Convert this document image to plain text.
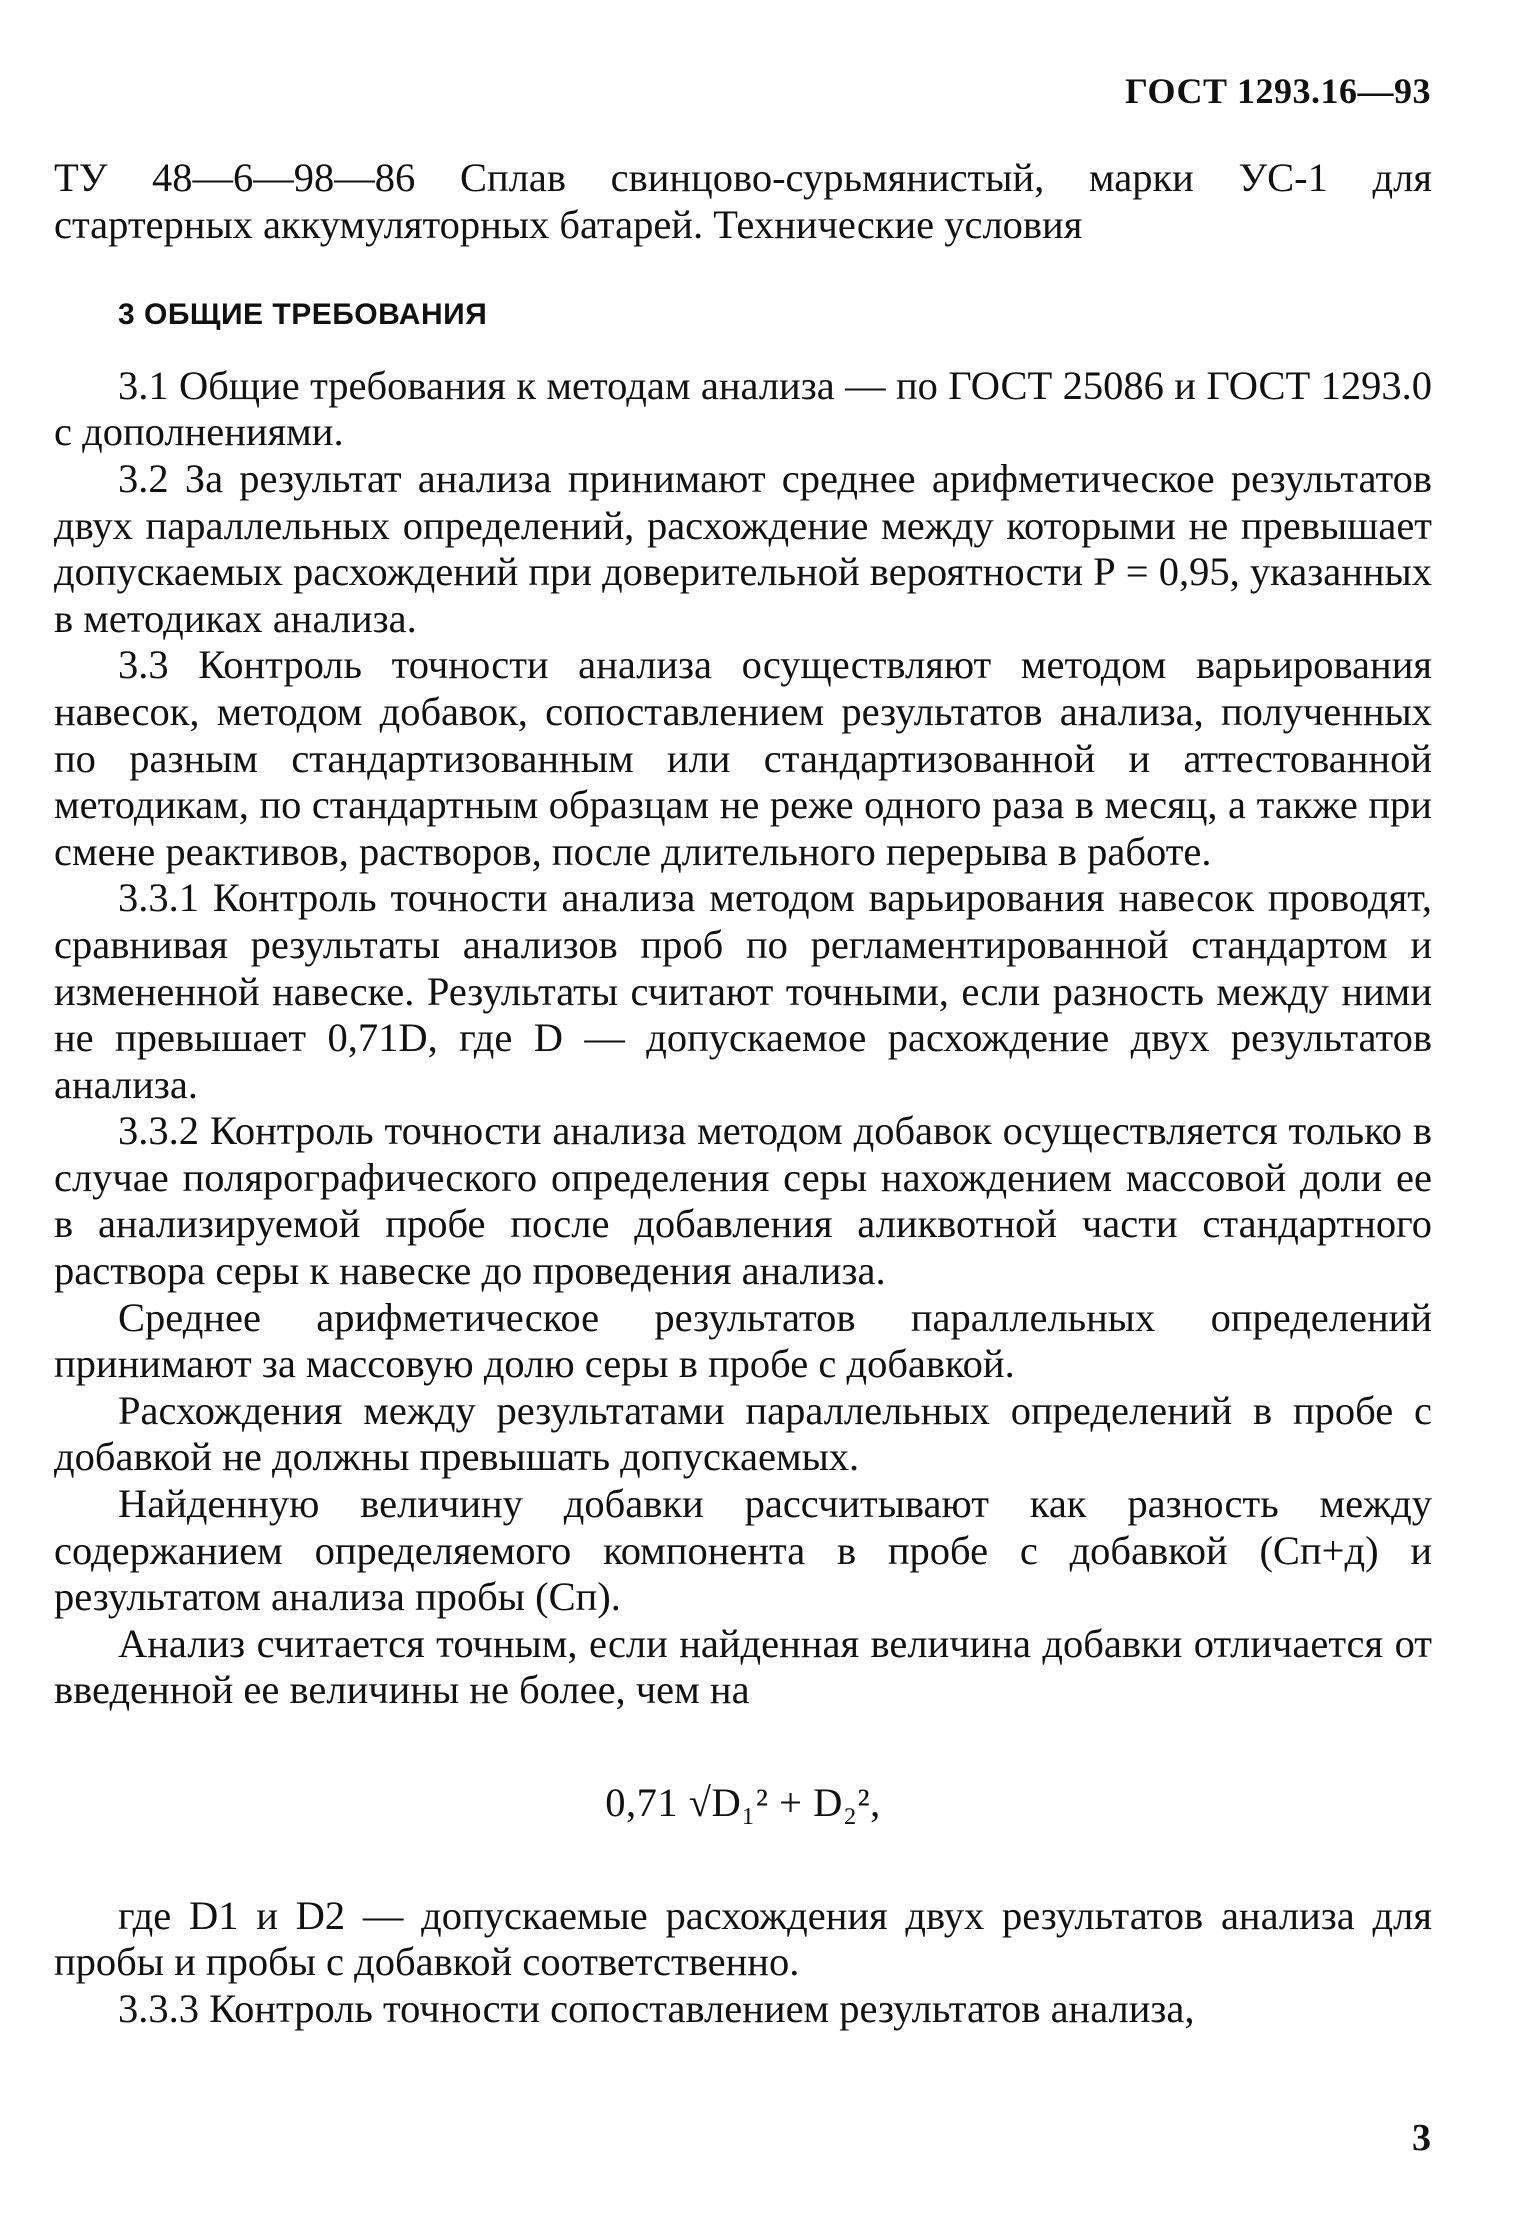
ГОСТ 1293.16—93

ТУ 48—6—98—86 Сплав свинцово-сурьмянистый, марки УС-1 для стартерных аккумуляторных батарей. Технические условия

3 ОБЩИЕ ТРЕБОВАНИЯ

3.1 Общие требования к методам анализа — по ГОСТ 25086 и ГОСТ 1293.0 с дополнениями.

3.2 За результат анализа принимают среднее арифметическое результатов двух параллельных определений, расхождение между которыми не превышает допускаемых расхождений при доверительной вероятности Р = 0,95, указанных в методиках анализа.

3.3 Контроль точности анализа осуществляют методом варьирования навесок, методом добавок, сопоставлением результатов анализа, полученных по разным стандартизованным или стандартизованной и аттестованной методикам, по стандартным образцам не реже одного раза в месяц, а также при смене реактивов, растворов, после длительного перерыва в работе.

3.3.1 Контроль точности анализа методом варьирования навесок проводят, сравнивая результаты анализов проб по регламентированной стандартом и измененной навеске. Результаты считают точными, если разность между ними не превышает 0,71D, где D — допускаемое расхождение двух результатов анализа.

3.3.2 Контроль точности анализа методом добавок осуществляется только в случае полярографического определения серы нахождением массовой доли ее в анализируемой пробе после добавления аликвотной части стандартного раствора серы к навеске до проведения анализа.

Среднее арифметическое результатов параллельных определений принимают за массовую долю серы в пробе с добавкой.

Расхождения между результатами параллельных определений в пробе с добавкой не должны превышать допускаемых.

Найденную величину добавки рассчитывают как разность между содержанием определяемого компонента в пробе с добавкой (Cп+д) и результатом анализа пробы (Cп).

Анализ считается точным, если найденная величина добавки отличается от введенной ее величины не более, чем на

0,71 √D₁² + D₂²,

где D1 и D2 — допускаемые расхождения двух результатов анализа для пробы и пробы с добавкой соответственно.

3.3.3 Контроль точности сопоставлением результатов анализа,

3
